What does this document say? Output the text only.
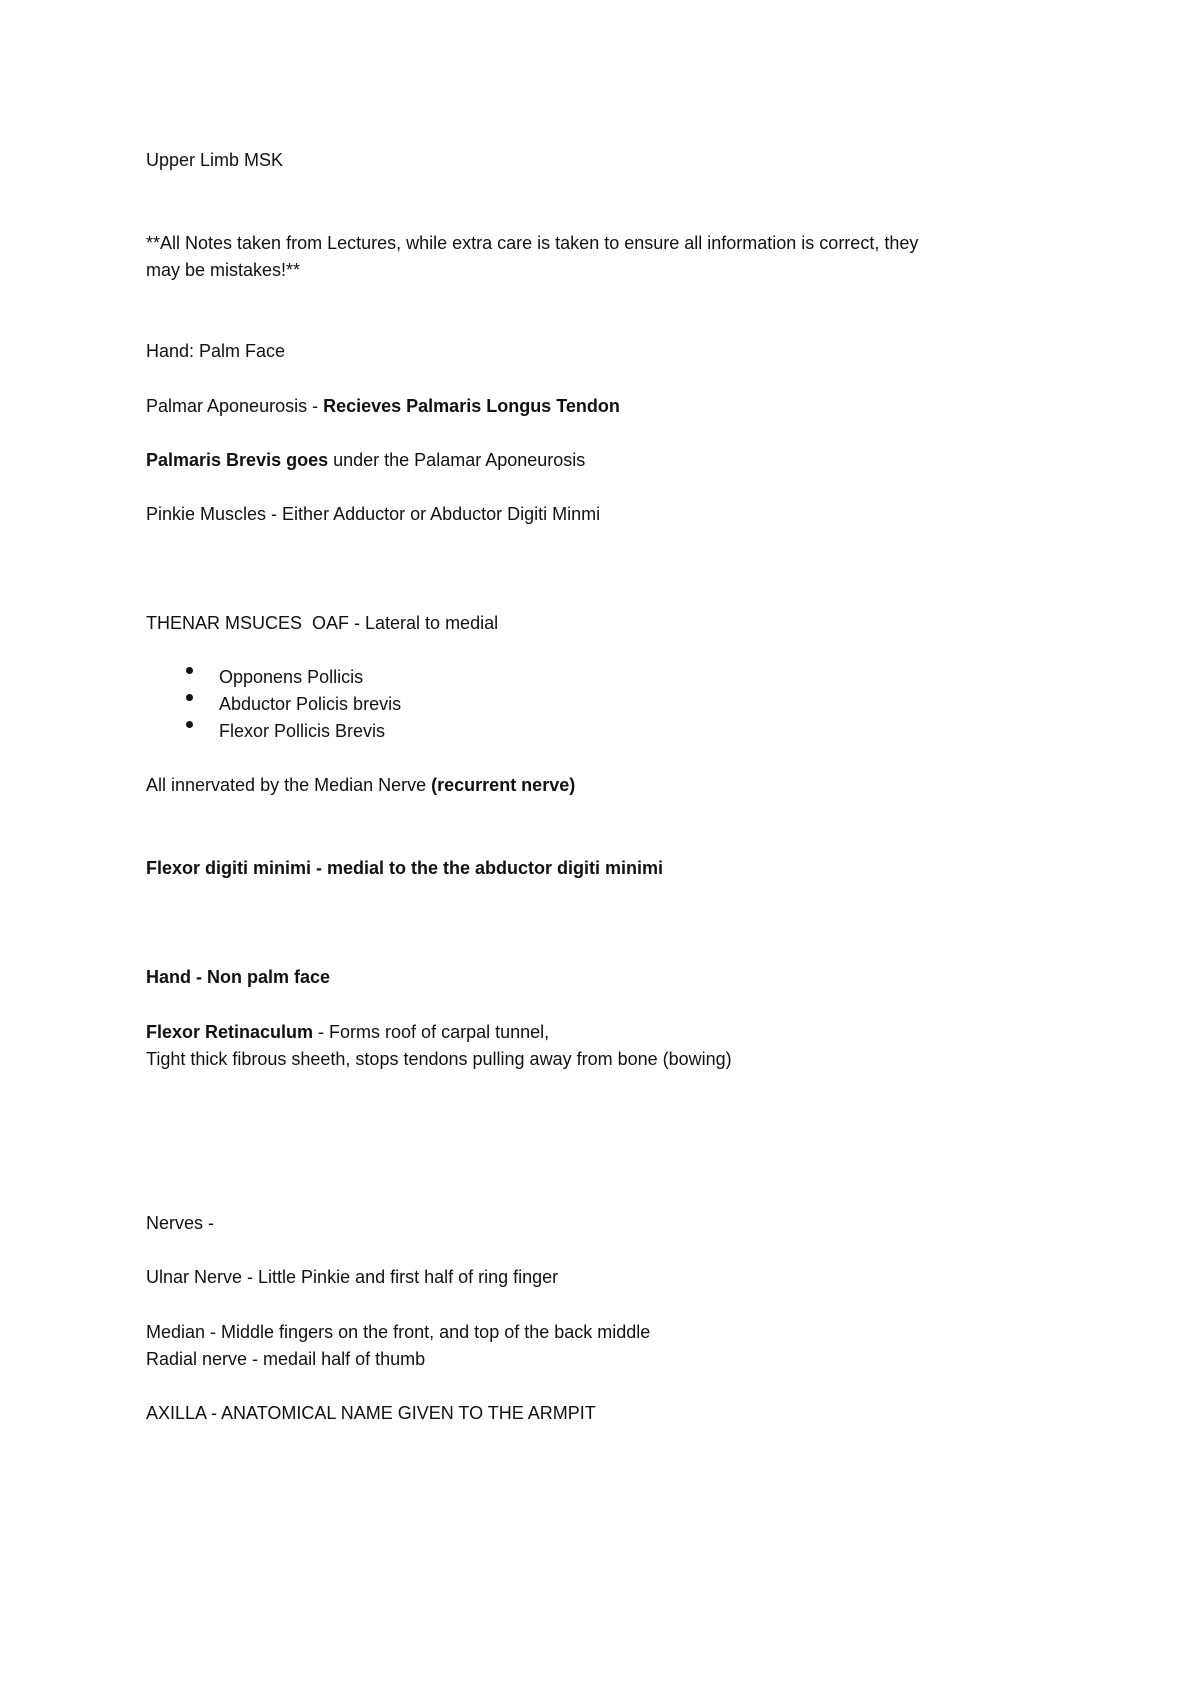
Upper Limb MSK
**All Notes taken from Lectures, while extra care is taken to ensure all information is correct, they
may be mistakes!**
Hand: Palm Face
Palmar Aponeurosis - Recieves Palmaris Longus Tendon
Palmaris Brevis goes under the Palamar Aponeurosis
Pinkie Muscles - Either Adductor or Abductor Digiti Minmi
THENAR MSUCES  OAF - Lateral to medial
Opponens Pollicis
Abductor Policis brevis
Flexor Pollicis Brevis
All innervated by the Median Nerve (recurrent nerve)
Flexor digiti minimi - medial to the the abductor digiti minimi
Hand - Non palm face
Flexor Retinaculum - Forms roof of carpal tunnel,
Tight thick fibrous sheeth, stops tendons pulling away from bone (bowing)
Nerves -
Ulnar Nerve - Little Pinkie and first half of ring finger
Median - Middle fingers on the front, and top of the back middle
Radial nerve - medail half of thumb
AXILLA - ANATOMICAL NAME GIVEN TO THE ARMPIT
